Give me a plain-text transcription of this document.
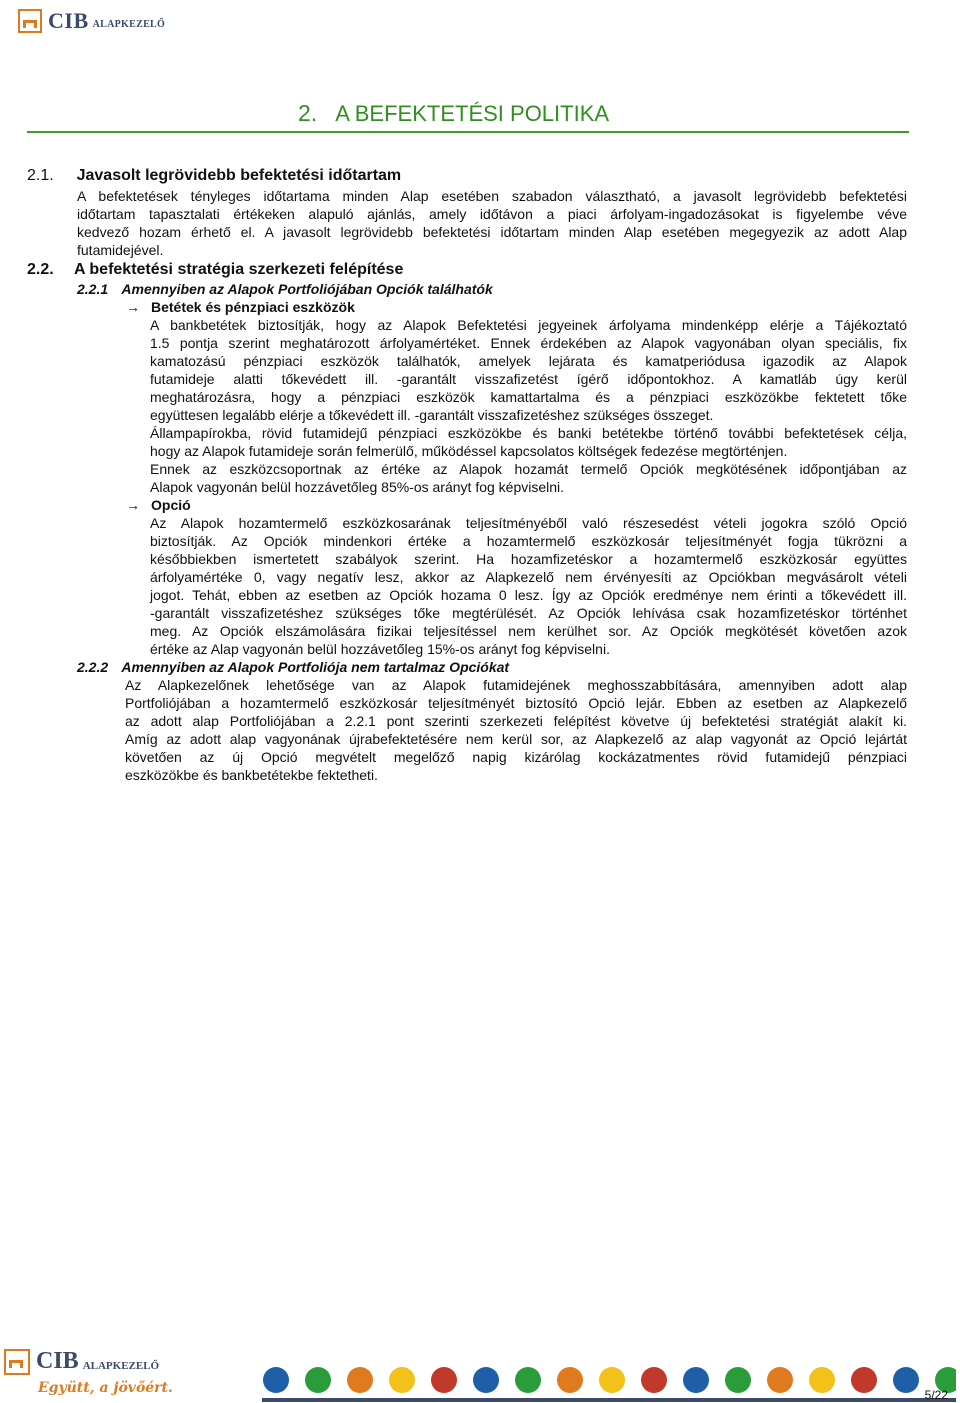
CIB ALAPKEZELŐ
2. A BEFEKTETÉSI POLITIKA
2.1. Javasolt legrövidebb befektetési időtartam
A befektetések tényleges időtartama minden Alap esetében szabadon választható, a javasolt legrövidebb befektetési
időtartam tapasztalati értékeken alapuló ajánlás, amely időtávon a piaci árfolyam-ingadozásokat is figyelembe véve
kedvező hozam érhető el. A javasolt legrövidebb befektetési időtartam minden Alap esetében megegyezik az adott Alap
futamidejével.
2.2. A befektetési stratégia szerkezeti felépítése
2.2.1 Amennyiben az Alapok Portfoliójában Opciók találhatók
→ Betétek és pénzpiaci eszközök
A bankbetétek biztosítják, hogy az Alapok Befektetési jegyeinek árfolyama mindenképp elérje a Tájékoztató
1.5 pontja szerint meghatározott árfolyamértéket. Ennek érdekében az Alapok vagyonában olyan speciális, fix
kamatozású pénzpiaci eszközök találhatók, amelyek lejárata és kamatperiódusa igazodik az Alapok
futamideje alatti tőkevédett ill. -garantált visszafizetést ígérő időpontokhoz. A kamatláb úgy kerül
meghatározásra, hogy a pénzpiaci eszközök kamattartalma és a pénzpiaci eszközökbe fektetett tőke
együttesen legalább elérje a tőkevédett ill. -garantált visszafizetéshez szükséges összeget.
Állampapírokba, rövid futamidejű pénzpiaci eszközökbe és banki betétekbe történő további befektetések célja,
hogy az Alapok futamideje során felmerülő, működéssel kapcsolatos költségek fedezése megtörténjen.
Ennek az eszközcsoportnak az értéke az Alapok hozamát termelő Opciók megkötésének időpontjában az
Alapok vagyonán belül hozzávetőleg 85%-os arányt fog képviselni.
→ Opció
Az Alapok hozamtermelő eszközkosarának teljesítményéből való részesedést vételi jogokra szóló Opció
biztosítják. Az Opciók mindenkori értéke a hozamtermelő eszközkosár teljesítményét fogja tükrözni a
későbbiekben ismertetett szabályok szerint. Ha hozamfizetéskor a hozamtermelő eszközkosár együttes
árfolyamértéke 0, vagy negatív lesz, akkor az Alapkezelő nem érvényesíti az Opciókban megvásárolt vételi
jogot. Tehát, ebben az esetben az Opciók hozama 0 lesz. Így az Opciók eredménye nem érinti a tőkevédett ill.
-garantált visszafizetéshez szükséges tőke megtérülését. Az Opciók lehívása csak hozamfizetéskor történhet
meg. Az Opciók elszámolására fizikai teljesítéssel nem kerülhet sor. Az Opciók megkötését követően azok
értéke az Alap vagyonán belül hozzávetőleg 15%-os arányt fog képviselni.
2.2.2 Amennyiben az Alapok Portfoliója nem tartalmaz Opciókat
Az Alapkezelőnek lehetősége van az Alapok futamidejének meghosszabbítására, amennyiben adott alap
Portfoliójában a hozamtermelő eszközkosár teljesítményét biztosító Opció lejár. Ebben az esetben az Alapkezelő
az adott alap Portfoliójában a 2.2.1 pont szerinti szerkezeti felépítést követve új befektetési stratégiát alakít ki.
Amíg az adott alap vagyonának újrabefektetésére nem kerül sor, az Alapkezelő az alap vagyonát az Opció lejártát
követően az új Opció megvételt megelőző napig kizárólag kockázatmentes rövid futamidejű pénzpiaci
eszközökbe és bankbetétekbe fektetheti.
CIB ALAPKEZELŐ
Együtt, a jövőért.	5/22
